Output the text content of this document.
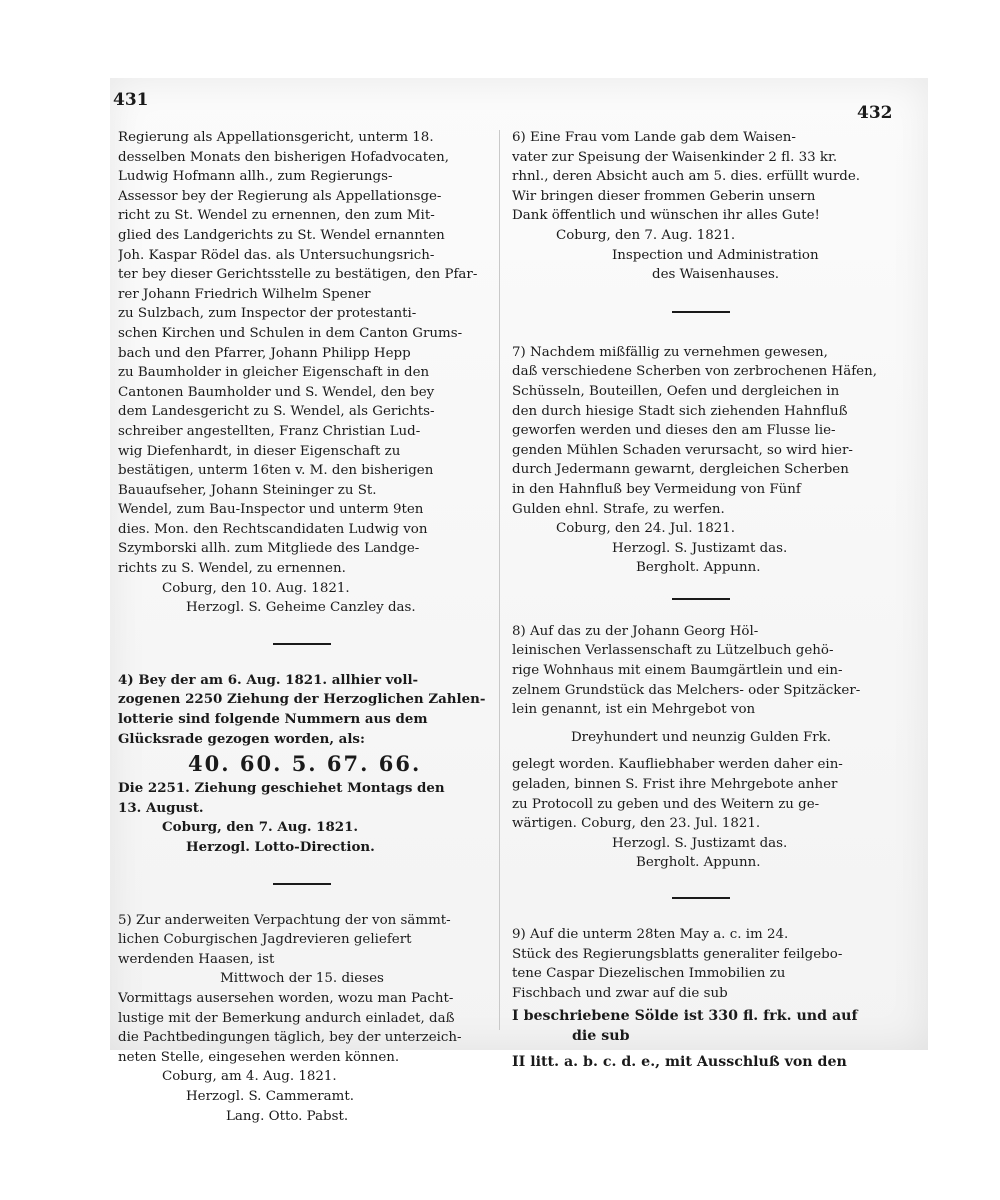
431
432
Regierung als Appellationsgericht, unterm 18.
desselben Monats den bisherigen Hofadvocaten,
Ludwig Hofmann allh., zum Regierungs-
Assessor bey der Regierung als Appellationsge-
richt zu St. Wendel zu ernennen, den zum Mit-
glied des Landgerichts zu St. Wendel ernannten
Joh. Kaspar Rödel das. als Untersuchungsrich-
ter bey dieser Gerichtsstelle zu bestätigen, den Pfar-
rer Johann Friedrich Wilhelm Spener
zu Sulzbach, zum Inspector der protestanti-
schen Kirchen und Schulen in dem Canton Grums-
bach und den Pfarrer, Johann Philipp Hepp
zu Baumholder in gleicher Eigenschaft in den
Cantonen Baumholder und S. Wendel, den bey
dem Landesgericht zu S. Wendel, als Gerichts-
schreiber angestellten, Franz Christian Lud-
wig Diefenhardt, in dieser Eigenschaft zu
bestätigen, unterm 16ten v. M. den bisherigen
Bauaufseher, Johann Steininger zu St.
Wendel, zum Bau-Inspector und unterm 9ten
dies. Mon. den Rechtscandidaten Ludwig von
Szymborski allh. zum Mitgliede des Landge-
richts zu S. Wendel, zu ernennen.
Coburg, den 10. Aug. 1821.
Herzogl. S. Geheime Canzley das.
4) Bey der am 6. Aug. 1821. allhier voll-
zogenen 2250 Ziehung der Herzoglichen Zahlen-
lotterie sind folgende Nummern aus dem
Glücksrade gezogen worden, als:
40. 60. 5. 67. 66.
Die 2251. Ziehung geschiehet Montags den
13. August.
Coburg, den 7. Aug. 1821.
Herzogl. Lotto-Direction.
5) Zur anderweiten Verpachtung der von sämmt-
lichen Coburgischen Jagdrevieren geliefert
werdenden Haasen, ist
Mittwoch der 15. dieses
Vormittags ausersehen worden, wozu man Pacht-
lustige mit der Bemerkung andurch einladet, daß
die Pachtbedingungen täglich, bey der unterzeich-
neten Stelle, eingesehen werden können.
Coburg, am 4. Aug. 1821.
Herzogl. S. Cammeramt.
Lang. Otto. Pabst.
6) Eine Frau vom Lande gab dem Waisen-
vater zur Speisung der Waisenkinder 2 fl. 33 kr.
rhnl., deren Absicht auch am 5. dies. erfüllt wurde.
Wir bringen dieser frommen Geberin unsern
Dank öffentlich und wünschen ihr alles Gute!
Coburg, den 7. Aug. 1821.
Inspection und Administration
des Waisenhauses.
7) Nachdem mißfällig zu vernehmen gewesen,
daß verschiedene Scherben von zerbrochenen Häfen,
Schüsseln, Bouteillen, Oefen und dergleichen in
den durch hiesige Stadt sich ziehenden Hahnfluß
geworfen werden und dieses den am Flusse lie-
genden Mühlen Schaden verursacht, so wird hier-
durch Jedermann gewarnt, dergleichen Scherben
in den Hahnfluß bey Vermeidung von Fünf
Gulden ehnl. Strafe, zu werfen.
Coburg, den 24. Jul. 1821.
Herzogl. S. Justizamt das.
Bergholt. Appunn.
8) Auf das zu der Johann Georg Höl-
leinischen Verlassenschaft zu Lützelbuch gehö-
rige Wohnhaus mit einem Baumgärtlein und ein-
zelnem Grundstück das Melchers- oder Spitzäcker-
lein genannt, ist ein Mehrgebot von
Dreyhundert und neunzig Gulden Frk.
gelegt worden. Kaufliebhaber werden daher ein-
geladen, binnen S. Frist ihre Mehrgebote anher
zu Protocoll zu geben und des Weitern zu ge-
wärtigen. Coburg, den 23. Jul. 1821.
Herzogl. S. Justizamt das.
Bergholt. Appunn.
9) Auf die unterm 28ten May a. c. im 24.
Stück des Regierungsblatts generaliter feilgebo-
tene Caspar Diezelischen Immobilien zu
Fischbach und zwar auf die sub
I beschriebene Sölde ist 330 fl. frk. und auf
die sub
II litt. a. b. c. d. e., mit Ausschluß von den
